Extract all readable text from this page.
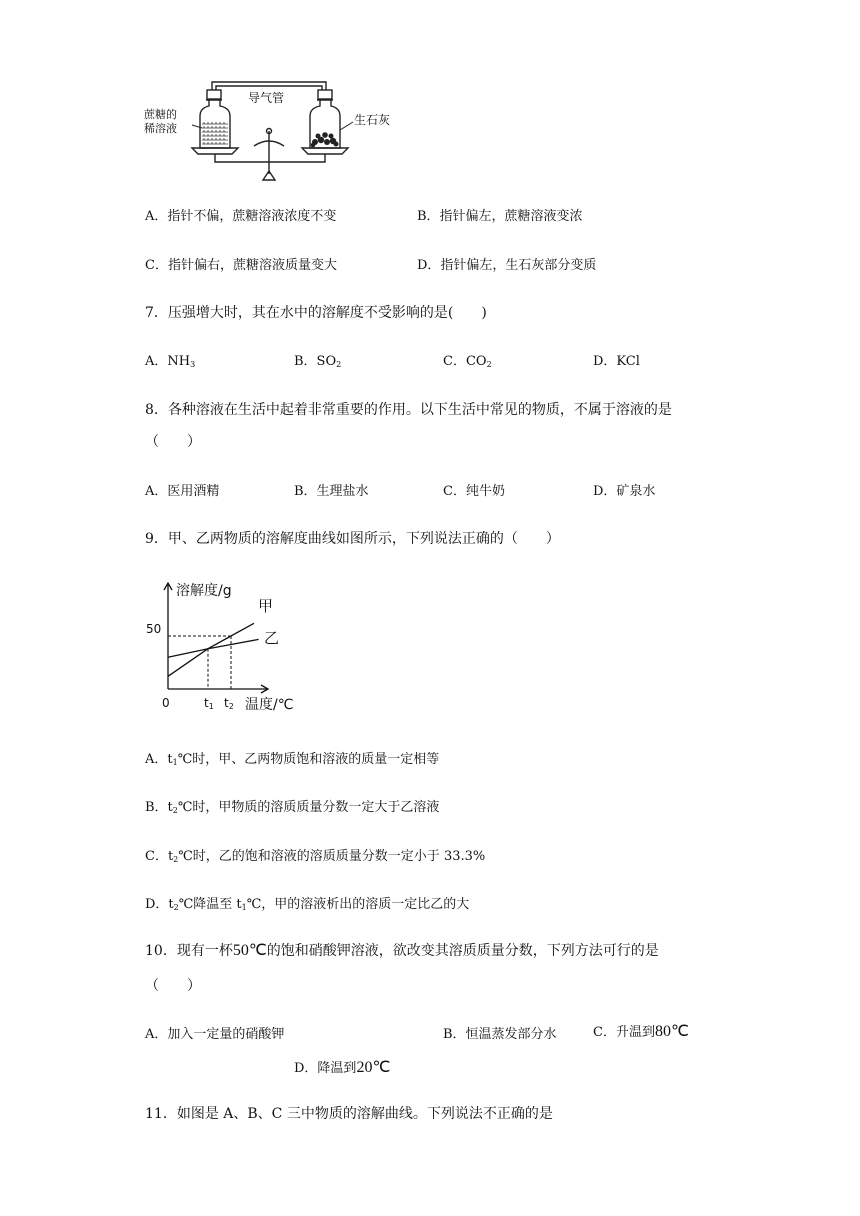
导气管
蔗糖的
稀溶液
生石灰
A．指针不偏，蔗糖溶液浓度不变	B．指针偏左，蔗糖溶液变浓
C．指针偏右，蔗糖溶液质量变大	D．指针偏左，生石灰部分变质
7．压强增大时，其在水中的溶解度不受影响的是(　　)
A．$NH_3$	B．$SO_2$	C．$CO_2$	D．KCl
8．各种溶液在生活中起着非常重要的作用。以下生活中常见的物质，不属于溶液的是
（　　）
A．医用酒精	B．生理盐水	C．纯牛奶	D．矿泉水
9．甲、乙两物质的溶解度曲线如图所示，下列说法正确的（　　）
溶解度/g
温度/℃
0
50
t1 t2
甲
乙
A．$t_1℃$时，甲、乙两物质饱和溶液的质量一定相等
B．$t_2℃$时，甲物质的溶质质量分数一定大于乙溶液
C．$t_2℃$时，乙的饱和溶液的溶质质量分数一定小于 33.3%
D．$t_2℃$降温至 $t_1℃$，甲的溶液析出的溶质一定比乙的大
10．现有一杯50℃的饱和硝酸钾溶液，欲改变其溶质质量分数，下列方法可行的是
（　　）
A．加入一定量的硝酸钾	B．恒温蒸发部分水	C．升温到80℃
D．降温到20℃
11．如图是 A、B、C 三中物质的溶解曲线。下列说法不正确的是
